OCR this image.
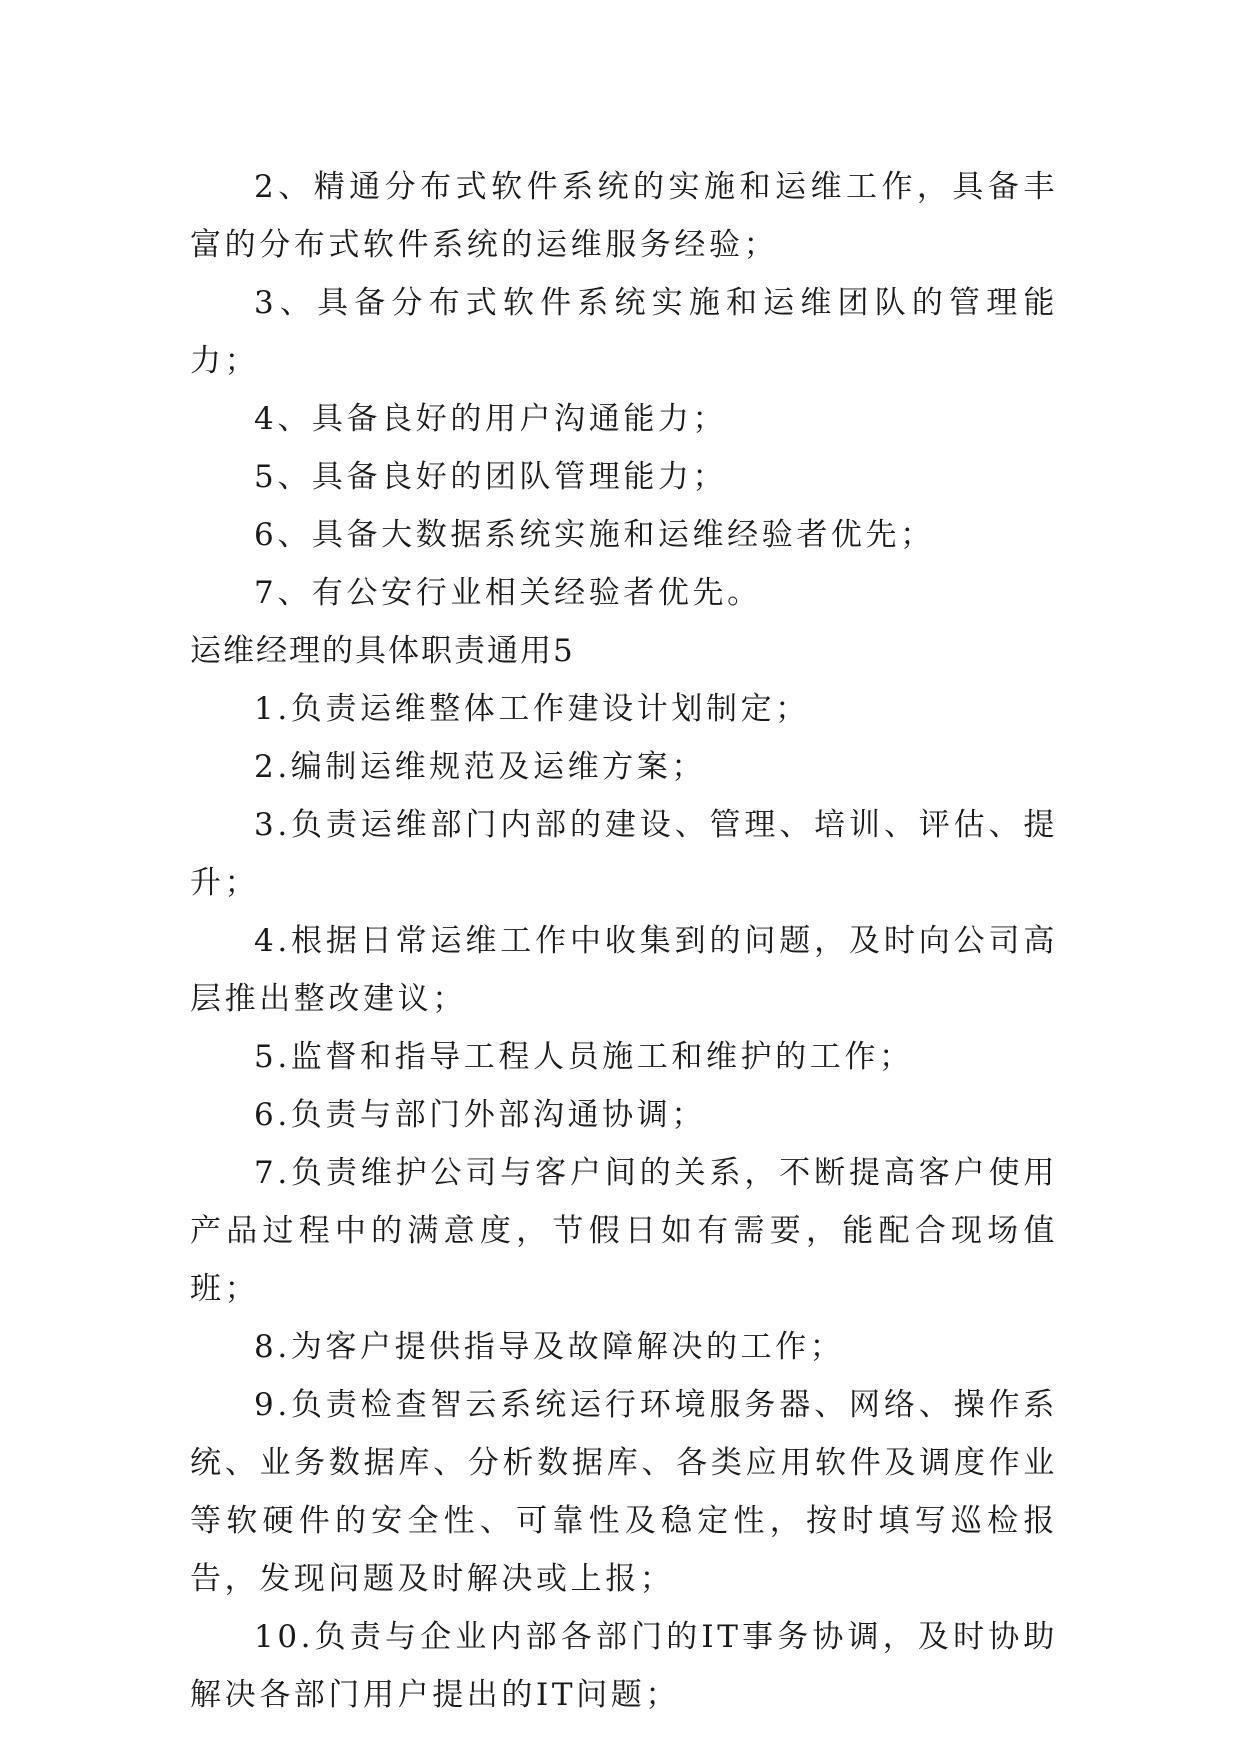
2、精通分布式软件系统的实施和运维工作，具备丰富的分布式软件系统的运维服务经验；

3、具备分布式软件系统实施和运维团队的管理能力；

4、具备良好的用户沟通能力；

5、具备良好的团队管理能力；

6、具备大数据系统实施和运维经验者优先；

7、有公安行业相关经验者优先。

运维经理的具体职责通用5

1.负责运维整体工作建设计划制定；

2.编制运维规范及运维方案；

3.负责运维部门内部的建设、管理、培训、评估、提升；

4.根据日常运维工作中收集到的问题，及时向公司高层推出整改建议；

5.监督和指导工程人员施工和维护的工作；

6.负责与部门外部沟通协调；

7.负责维护公司与客户间的关系，不断提高客户使用产品过程中的满意度，节假日如有需要，能配合现场值班；

8.为客户提供指导及故障解决的工作；

9.负责检查智云系统运行环境服务器、网络、操作系统、业务数据库、分析数据库、各类应用软件及调度作业等软硬件的安全性、可靠性及稳定性，按时填写巡检报告，发现问题及时解决或上报；

10.负责与企业内部各部门的IT事务协调，及时协助解决各部门用户提出的IT问题；
